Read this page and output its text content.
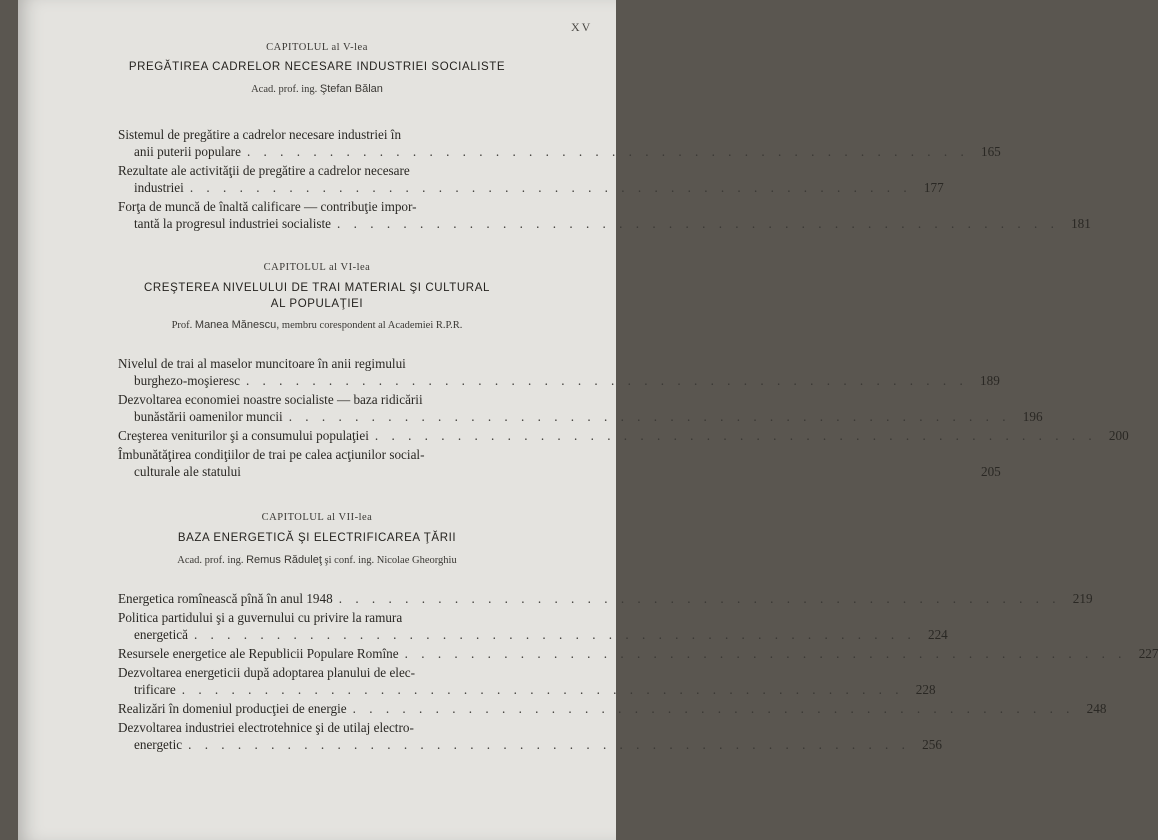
XV
CAPITOLUL al V-lea
PREGĂTIREA CADRELOR NECESARE INDUSTRIEI SOCIALISTE
Acad. prof. ing. Ştefan Bălan
Sistemul de pregătire a cadrelor necesare industriei în
anii puterii populare . . . . . . . . . . . . . . . . . . . . . . . . . . . . . . . . . . . . . . . . . . . . 165
Rezultate ale activităţii de pregătire a cadrelor necesare
industriei . . . . . . . . . . . . . . . . . . . . . . . . . . . . . . . . . . . . . . . . . . . . 177
Forţa de muncă de înaltă calificare — contribuţie impor-
tantă la progresul industriei socialiste . . . . . . . . . . . . . . . . . . . . . . . . . . . . . . . . . . . . . . . . . . . . 181
CAPITOLUL al VI-lea
CREŞTEREA NIVELULUI DE TRAI MATERIAL ŞI CULTURAL
AL POPULAŢIEI
Prof. Manea Mănescu, membru corespondent al Academiei R.P.R.
Nivelul de trai al maselor muncitoare în anii regimului
burghezo-moşieresc . . . . . . . . . . . . . . . . . . . . . . . . . . . . . . . . . . . . . . . . . . . . 189
Dezvoltarea economiei noastre socialiste — baza ridicării
bunăstării oamenilor muncii . . . . . . . . . . . . . . . . . . . . . . . . . . . . . . . . . . . . . . . . . . . . 196
Creşterea veniturilor şi a consumului populaţiei . . . . . . . . . . . . . . . . . . . . . . . . . . . . . . . . . . . . . . . . . . . . 200
Îmbunătăţirea condiţiilor de trai pe calea acţiunilor social-
culturale ale statului	205
CAPITOLUL al VII-lea
BAZA ENERGETICĂ ŞI ELECTRIFICAREA ŢĂRII
Acad. prof. ing. Remus Răduleţ şi conf. ing. Nicolae Gheorghiu
Energetica romînească pînă în anul 1948 . . . . . . . . . . . . . . . . . . . . . . . . . . . . . . . . . . . . . . . . . . . . 219
Politica partidului şi a guvernului cu privire la ramura
energetică . . . . . . . . . . . . . . . . . . . . . . . . . . . . . . . . . . . . . . . . . . . . 224
Resursele energetice ale Republicii Populare Romîne . . . . . . . . . . . . . . . . . . . . . . . . . . . . . . . . . . . . . . . . . . . . 227
Dezvoltarea energeticii după adoptarea planului de elec-
trificare . . . . . . . . . . . . . . . . . . . . . . . . . . . . . . . . . . . . . . . . . . . . 228
Realizări în domeniul producţiei de energie . . . . . . . . . . . . . . . . . . . . . . . . . . . . . . . . . . . . . . . . . . . . 248
Dezvoltarea industriei electrotehnice şi de utilaj electro-
energetic . . . . . . . . . . . . . . . . . . . . . . . . . . . . . . . . . . . . . . . . . . . . 256
